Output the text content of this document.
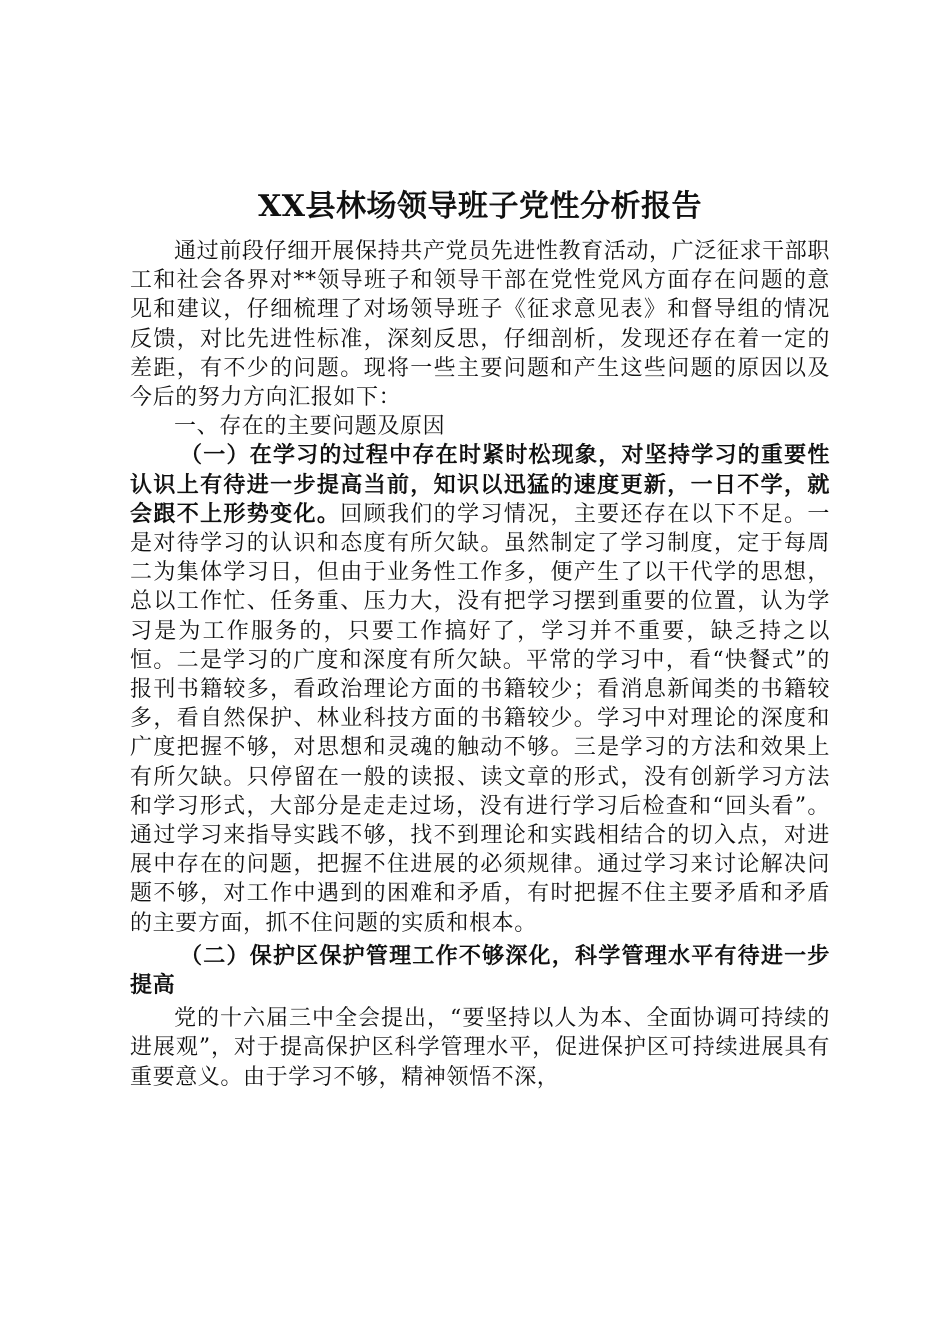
XX县林场领导班子党性分析报告

通过前段仔细开展保持共产党员先进性教育活动，广泛征求干部职工和社会各界对**领导班子和领导干部在党性党风方面存在问题的意见和建议，仔细梳理了对场领导班子《征求意见表》和督导组的情况反馈，对比先进性标准，深刻反思，仔细剖析，发现还存在着一定的差距，有不少的问题。现将一些主要问题和产生这些问题的原因以及今后的努力方向汇报如下：

一、存在的主要问题及原因

（一）在学习的过程中存在时紧时松现象，对坚持学习的重要性认识上有待进一步提高当前，知识以迅猛的速度更新，一日不学，就会跟不上形势变化。回顾我们的学习情况，主要还存在以下不足。一是对待学习的认识和态度有所欠缺。虽然制定了学习制度，定于每周二为集体学习日，但由于业务性工作多，便产生了以干代学的思想，总以工作忙、任务重、压力大，没有把学习摆到重要的位置，认为学习是为工作服务的，只要工作搞好了，学习并不重要，缺乏持之以恒。二是学习的广度和深度有所欠缺。平常的学习中，看“快餐式”的报刊书籍较多，看政治理论方面的书籍较少；看消息新闻类的书籍较多，看自然保护、林业科技方面的书籍较少。学习中对理论的深度和广度把握不够，对思想和灵魂的触动不够。三是学习的方法和效果上有所欠缺。只停留在一般的读报、读文章的形式，没有创新学习方法和学习形式，大部分是走走过场，没有进行学习后检查和“回头看”。通过学习来指导实践不够，找不到理论和实践相结合的切入点，对进展中存在的问题，把握不住进展的必须规律。通过学习来讨论解决问题不够，对工作中遇到的困难和矛盾，有时把握不住主要矛盾和矛盾的主要方面，抓不住问题的实质和根本。

（二）保护区保护管理工作不够深化，科学管理水平有待进一步提高

党的十六届三中全会提出，“要坚持以人为本、全面协调可持续的进展观”，对于提高保护区科学管理水平，促进保护区可持续进展具有重要意义。由于学习不够，精神领悟不深，
